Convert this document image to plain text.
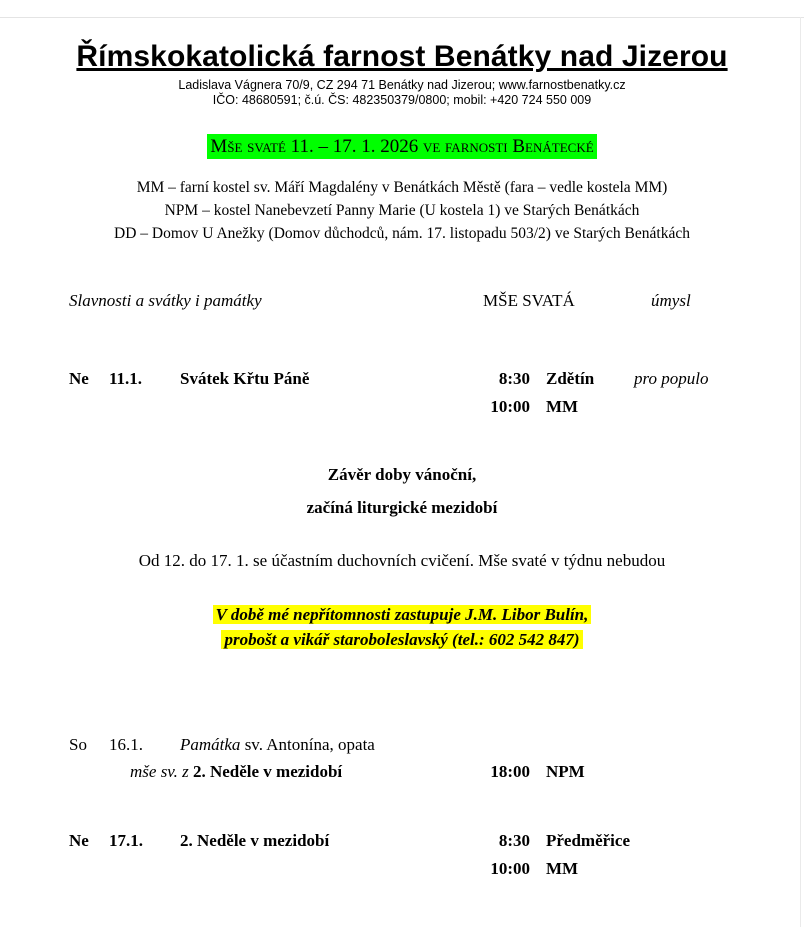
Římskokatolická farnost Benátky nad Jizerou
Ladislava Vágnera 70/9, CZ 294 71 Benátky nad Jizerou; www.farnostbenatky.cz
IČO: 48680591; č.ú. ČS: 482350379/0800; mobil: +420 724 550 009
Mše svaté 11. – 17. 1. 2026 ve farnosti Benátecké
MM – farní kostel sv. Máří Magdalény v Benátkách Městě (fara – vedle kostela MM)
NPM – kostel Nanebevzetí Panny Marie (U kostela 1) ve Starých Benátkách
DD – Domov U Anežky (Domov důchodců, nám. 17. listopadu 503/2) ve Starých Benátkách
Slavnosti a svátky i památky	MŠE SVATÁ	úmysl
Ne 11.1. Svátek Křtu Páně	8:30 Zdětín pro populo
10:00 MM
Závěr doby vánoční,
začíná liturgické mezidobí
Od 12. do 17. 1. se účastním duchovních cvičení. Mše svaté v týdnu nebudou
V době mé nepřítomnosti zastupuje J.M. Libor Bulín,
probošt a vikář staroboleslavský (tel.: 602 542 847)
So 16.1. Památka sv. Antonína, opata
mše sv. z 2. Neděle v mezidobí	18:00 NPM
Ne 17.1. 2. Neděle v mezidobí	8:30 Předměřice
10:00 MM
